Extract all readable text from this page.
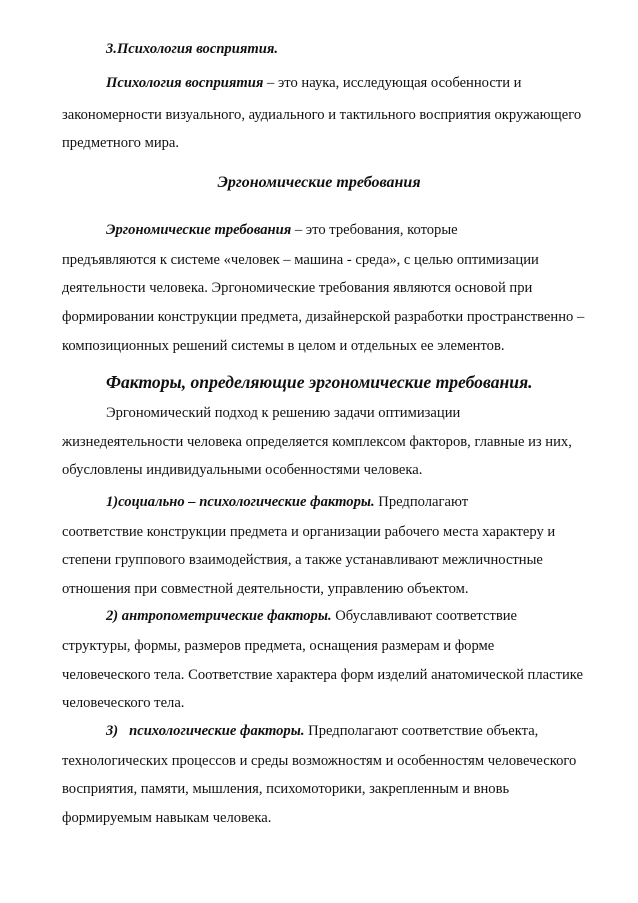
3.Психология восприятия.
Психология восприятия – это наука, исследующая особенности и
закономерности визуального, аудиального и тактильного восприятия окружающего
предметного мира.
Эргономические требования
Эргономические требования – это требования, которые
предъявляются к системе «человек – машина - среда», с целью оптимизации
деятельности человека. Эргономические требования являются основой при
формировании конструкции предмета, дизайнерской разработки пространственно –
композиционных решений системы в целом и отдельных ее элементов.
Факторы, определяющие эргономические требования.
Эргономический подход к решению задачи оптимизации
жизнедеятельности человека определяется комплексом факторов, главные из них,
обусловлены индивидуальными особенностями человека.
1)социально – психологические факторы. Предполагают
соответствие конструкции предмета и организации рабочего места характеру и
степени группового взаимодействия, а также устанавливают межличностные
отношения при совместной деятельности, управлению объектом.
2) антропометрические факторы. Обуславливают соответствие
структуры, формы, размеров предмета, оснащения размерам и форме
человеческого тела. Соответствие характера форм изделий анатомической пластике
человеческого тела.
3)   психологические факторы. Предполагают соответствие объекта,
технологических процессов и среды возможностям и особенностям человеческого
восприятия, памяти, мышления, психомоторики, закрепленным и вновь
формируемым навыкам человека.
